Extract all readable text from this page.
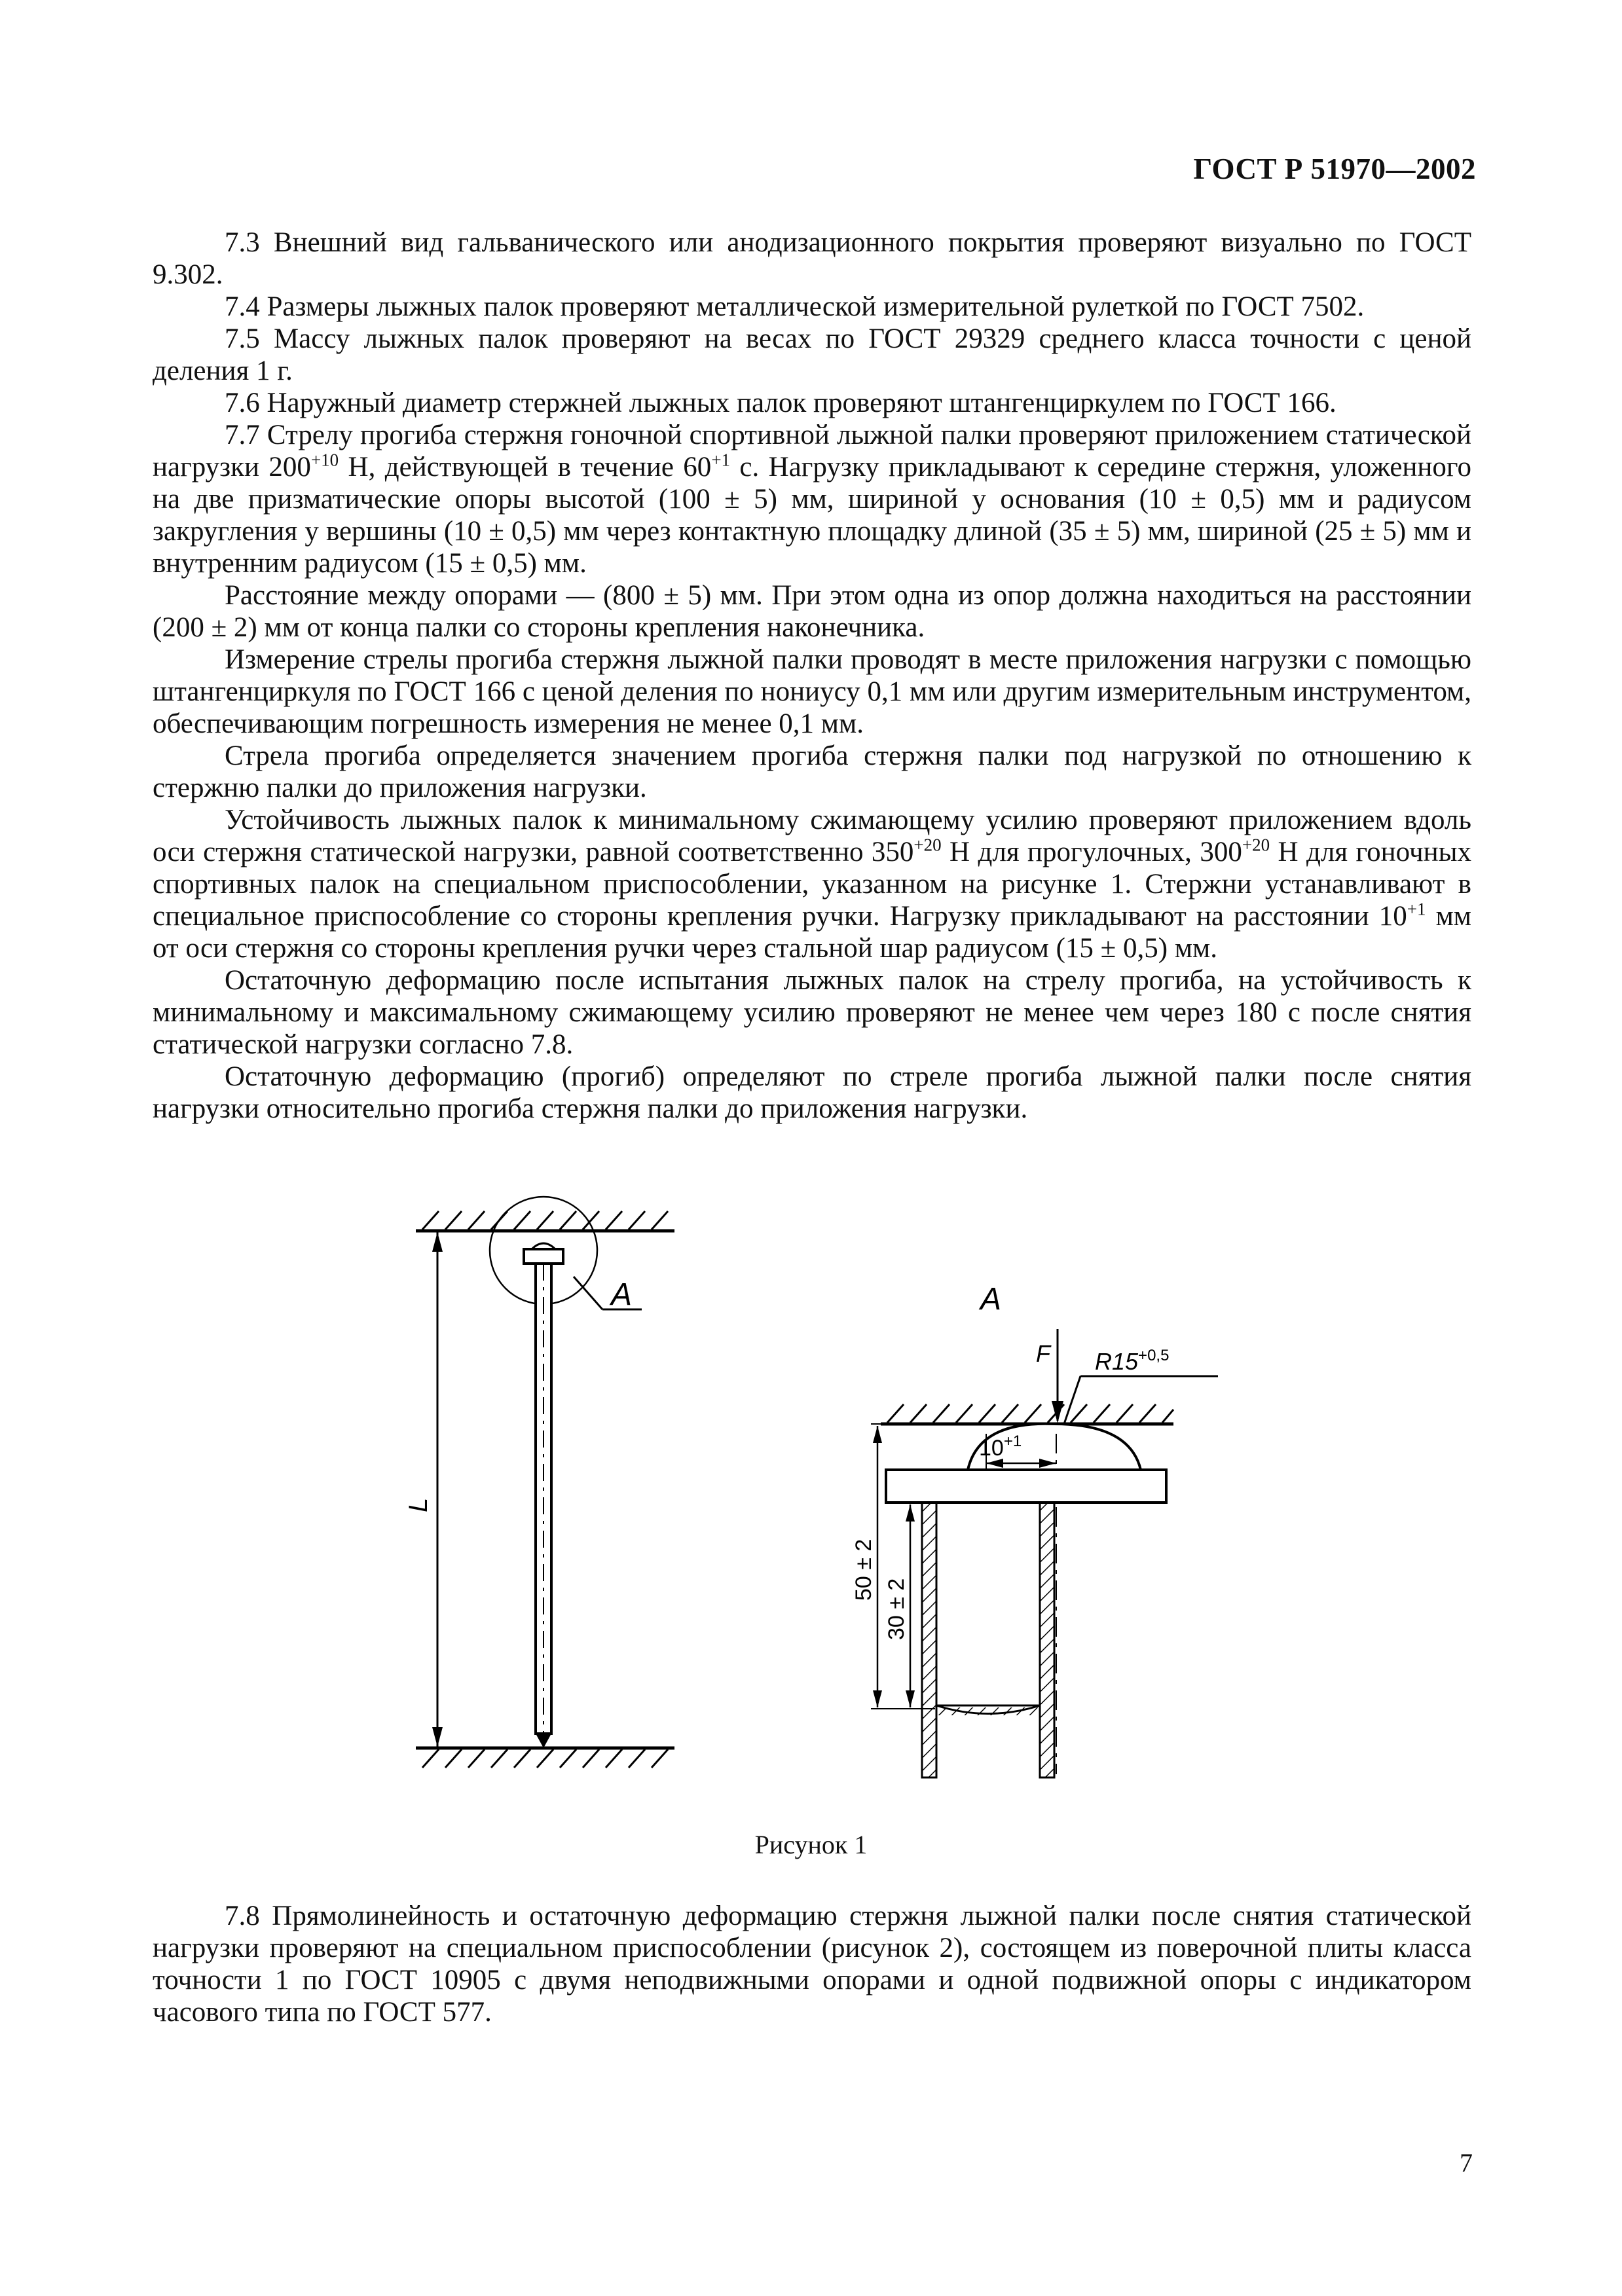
ГОСТ Р 51970—2002

7.3 Внешний вид гальванического или анодизационного покрытия проверяют визуально по ГОСТ 9.302.

7.4 Размеры лыжных палок проверяют металлической измерительной рулеткой по ГОСТ 7502.

7.5 Массу лыжных палок проверяют на весах по ГОСТ 29329 среднего класса точности с ценой деления 1 г.

7.6 Наружный диаметр стержней лыжных палок проверяют штангенциркулем по ГОСТ 166.

7.7 Стрелу прогиба стержня гоночной спортивной лыжной палки проверяют приложением статической нагрузки $200^{+10}$ Н, действующей в течение $60^{+1}$ с. Нагрузку прикладывают к середине стержня, уложенного на две призматические опоры высотой (100 ± 5) мм, шириной у основания (10 ± 0,5) мм и радиусом закругления у вершины (10 ± 0,5) мм через контактную площадку длиной (35 ± 5) мм, шириной (25 ± 5) мм и внутренним радиусом (15 ± 0,5) мм.

Расстояние между опорами — (800 ± 5) мм. При этом одна из опор должна находиться на расстоянии (200 ± 2) мм от конца палки со стороны крепления наконечника.

Измерение стрелы прогиба стержня лыжной палки проводят в месте приложения нагрузки с помощью штангенциркуля по ГОСТ 166 с ценой деления по нониусу 0,1 мм или другим измерительным инструментом, обеспечивающим погрешность измерения не менее 0,1 мм.

Стрела прогиба определяется значением прогиба стержня палки под нагрузкой по отношению к стержню палки до приложения нагрузки.

Устойчивость лыжных палок к минимальному сжимающему усилию проверяют приложением вдоль оси стержня статической нагрузки, равной соответственно $350^{+20}$ Н для прогулочных, $300^{+20}$ Н для гоночных спортивных палок на специальном приспособлении, указанном на рисунке 1. Стержни устанавливают в специальное приспособление со стороны крепления ручки. Нагрузку прикладывают на расстоянии $10^{+1}$ мм от оси стержня со стороны крепления ручки через стальной шар радиусом (15 ± 0,5) мм.

Остаточную деформацию после испытания лыжных палок на стрелу прогиба, на устойчивость к минимальному и максимальному сжимающему усилию проверяют не менее чем через 180 с после снятия статической нагрузки согласно 7.8.

Остаточную деформацию (прогиб) определяют по стреле прогиба лыжной палки после снятия нагрузки относительно прогиба стержня палки до приложения нагрузки.

A
L
A
F $R15^{+0,5}$
$10^{+1}$
50 ± 2
30 ± 2
Рисунок 1

7.8 Прямолинейность и остаточную деформацию стержня лыжной палки после снятия статической нагрузки проверяют на специальном приспособлении (рисунок 2), состоящем из поверочной плиты класса точности 1 по ГОСТ 10905 с двумя неподвижными опорами и одной подвижной опоры с индикатором часового типа по ГОСТ 577.

7
